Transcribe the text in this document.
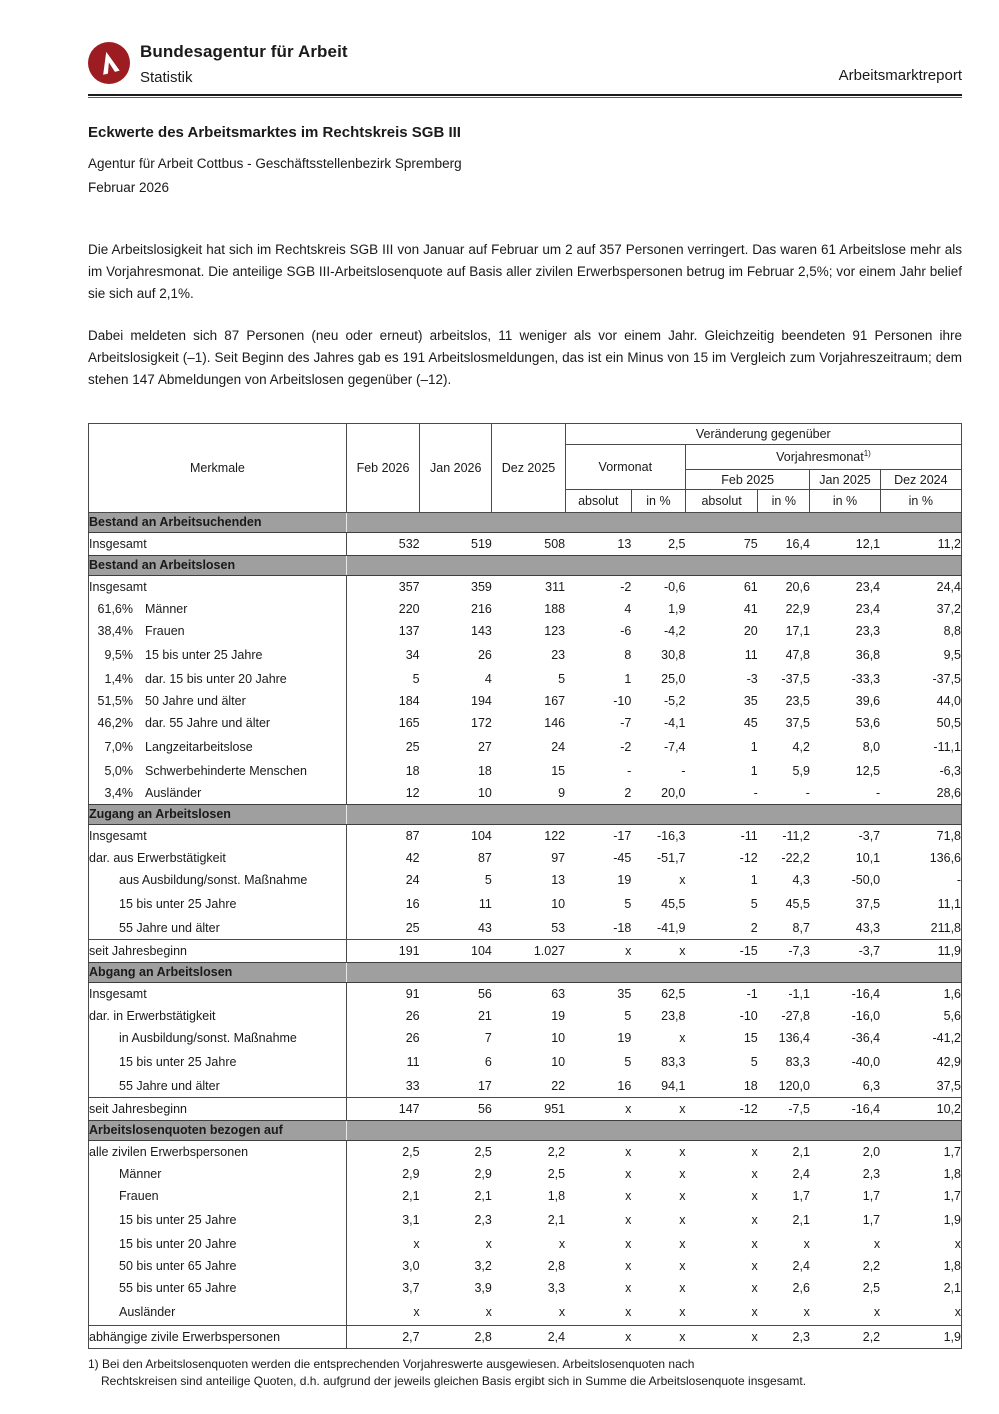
Bundesagentur für Arbeit
Statistik	Arbeitsmarktreport
Eckwerte des Arbeitsmarktes im Rechtskreis SGB III
Agentur für Arbeit Cottbus - Geschäftsstellenbezirk Spremberg
Februar 2026

Die Arbeitslosigkeit hat sich im Rechtskreis SGB III von Januar auf Februar um 2 auf 357 Personen verringert. Das waren 61 Arbeitslose mehr als im Vorjahresmonat. Die anteilige SGB III-Arbeitslosenquote auf Basis aller zivilen Erwerbspersonen betrug im Februar 2,5%; vor einem Jahr belief sie sich auf 2,1%.

Dabei meldeten sich 87 Personen (neu oder erneut) arbeitslos, 11 weniger als vor einem Jahr. Gleichzeitig beendeten 91 Personen ihre Arbeitslosigkeit (–1). Seit Beginn des Jahres gab es 191 Arbeitslosmeldungen, das ist ein Minus von 15 im Vergleich zum Vorjahreszeitraum; dem stehen 147 Abmeldungen von Arbeitslosen gegenüber (–12).

Merkmale	Feb 2026	Jan 2026	Dez 2025	Veränderung gegenüber					
				Vormonat		Vorjahresmonat$^{1)}$
						Feb 2025		Jan 2025	Dez 2024
				absolut	in %	absolut	in %	in %	in %
Bestand an Arbeitsuchenden									
Insgesamt	532	519	508	13	2,5	75	16,4	12,1	11,2
Bestand an Arbeitslosen									
Insgesamt	357	359	311	-2	-0,6	61	20,6	23,4	24,4
61,6% Männer	220	216	188	4	1,9	41	22,9	23,4	37,2
38,4% Frauen	137	143	123	-6	-4,2	20	17,1	23,3	8,8
9,5% 15 bis unter 25 Jahre	34	26	23	8	30,8	11	47,8	36,8	9,5
1,4% dar. 15 bis unter 20 Jahre	5	4	5	1	25,0	-3	-37,5	-33,3	-37,5
51,5% 50 Jahre und älter	184	194	167	-10	-5,2	35	23,5	39,6	44,0
46,2% dar. 55 Jahre und älter	165	172	146	-7	-4,1	45	37,5	53,6	50,5
7,0% Langzeitarbeitslose	25	27	24	-2	-7,4	1	4,2	8,0	-11,1
5,0% Schwerbehinderte Menschen	18	18	15	-	-	1	5,9	12,5	-6,3
3,4% Ausländer	12	10	9	2	20,0	-	-	-	28,6
Zugang an Arbeitslosen									
Insgesamt	87	104	122	-17	-16,3	-11	-11,2	-3,7	71,8
dar. aus Erwerbstätigkeit	42	87	97	-45	-51,7	-12	-22,2	10,1	136,6
aus Ausbildung/sonst. Maßnahme	24	5	13	19	x	1	4,3	-50,0	-
15 bis unter 25 Jahre	16	11	10	5	45,5	5	45,5	37,5	11,1
55 Jahre und älter	25	43	53	-18	-41,9	2	8,7	43,3	211,8
seit Jahresbeginn	191	104	1.027	x	x	-15	-7,3	-3,7	11,9
Abgang an Arbeitslosen									
Insgesamt	91	56	63	35	62,5	-1	-1,1	-16,4	1,6
dar. in Erwerbstätigkeit	26	21	19	5	23,8	-10	-27,8	-16,0	5,6
in Ausbildung/sonst. Maßnahme	26	7	10	19	x	15	136,4	-36,4	-41,2
15 bis unter 25 Jahre	11	6	10	5	83,3	5	83,3	-40,0	42,9
55 Jahre und älter	33	17	22	16	94,1	18	120,0	6,3	37,5
seit Jahresbeginn	147	56	951	x	x	-12	-7,5	-16,4	10,2
Arbeitslosenquoten bezogen auf									
alle zivilen Erwerbspersonen	2,5	2,5	2,2	x	x	x	2,1	2,0	1,7
Männer	2,9	2,9	2,5	x	x	x	2,4	2,3	1,8
Frauen	2,1	2,1	1,8	x	x	x	1,7	1,7	1,7
15 bis unter 25 Jahre	3,1	2,3	2,1	x	x	x	2,1	1,7	1,9
15 bis unter 20 Jahre	x	x	x	x	x	x	x	x	x
50 bis unter 65 Jahre	3,0	3,2	2,8	x	x	x	2,4	2,2	1,8
55 bis unter 65 Jahre	3,7	3,9	3,3	x	x	x	2,6	2,5	2,1
Ausländer	x	x	x	x	x	x	x	x	x
abhängige zivile Erwerbspersonen	2,7	2,8	2,4	x	x	x	2,3	2,2	1,9
1) Bei den Arbeitslosenquoten werden die entsprechenden Vorjahreswerte ausgewiesen. Arbeitslosenquoten nach
Rechtskreisen sind anteilige Quoten, d.h. aufgrund der jeweils gleichen Basis ergibt sich in Summe die Arbeitslosenquote insgesamt.
